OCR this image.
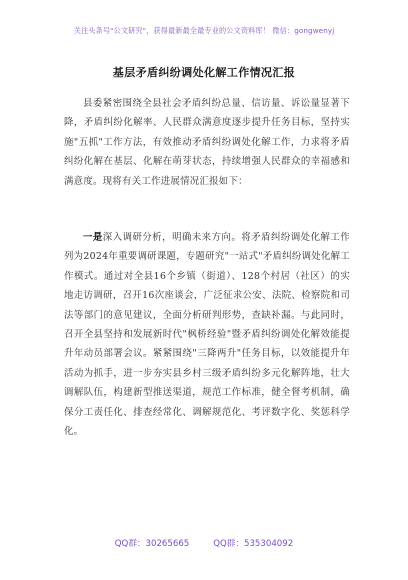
关注头条号"公文研究"，获得最新最全最专业的公文资料库！ 微信：gongwenyj
基层矛盾纠纷调处化解工作情况汇报

县委紧密围绕全县社会矛盾纠纷总量、信访量、诉讼量显著下降，矛盾纠纷化解率、人民群众满意度逐步提升任务目标，坚持实施"五抓"工作方法，有效推动矛盾纠纷调处化解工作，力求将矛盾纠纷化解在基层、化解在萌芽状态，持续增强人民群众的幸福感和满意度。现将有关工作进展情况汇报如下：

一是深入调研分析，明确未来方向。将矛盾纠纷调处化解工作列为2024年重要调研课题，专题研究"一站式"矛盾纠纷调处化解工作模式。通过对全县16个乡镇（街道）、128个村居（社区）的实地走访调研，召开16次座谈会，广泛征求公安、法院、检察院和司法等部门的意见建议，全面分析研判形势，查缺补漏。与此同时，召开全县坚持和发展新时代"枫桥经验"暨矛盾纠纷调处化解效能提升年动员部署会议。紧紧围绕"三降两升"任务目标，以效能提升年活动为抓手，进一步夯实县乡村三级矛盾纠纷多元化解阵地，壮大调解队伍，构建新型推送渠道，规范工作标准，健全督考机制，确保分工责任化、排查经常化、调解规范化、考评数字化、奖惩科学化。

QQ群：30265665	QQ群：535304092
